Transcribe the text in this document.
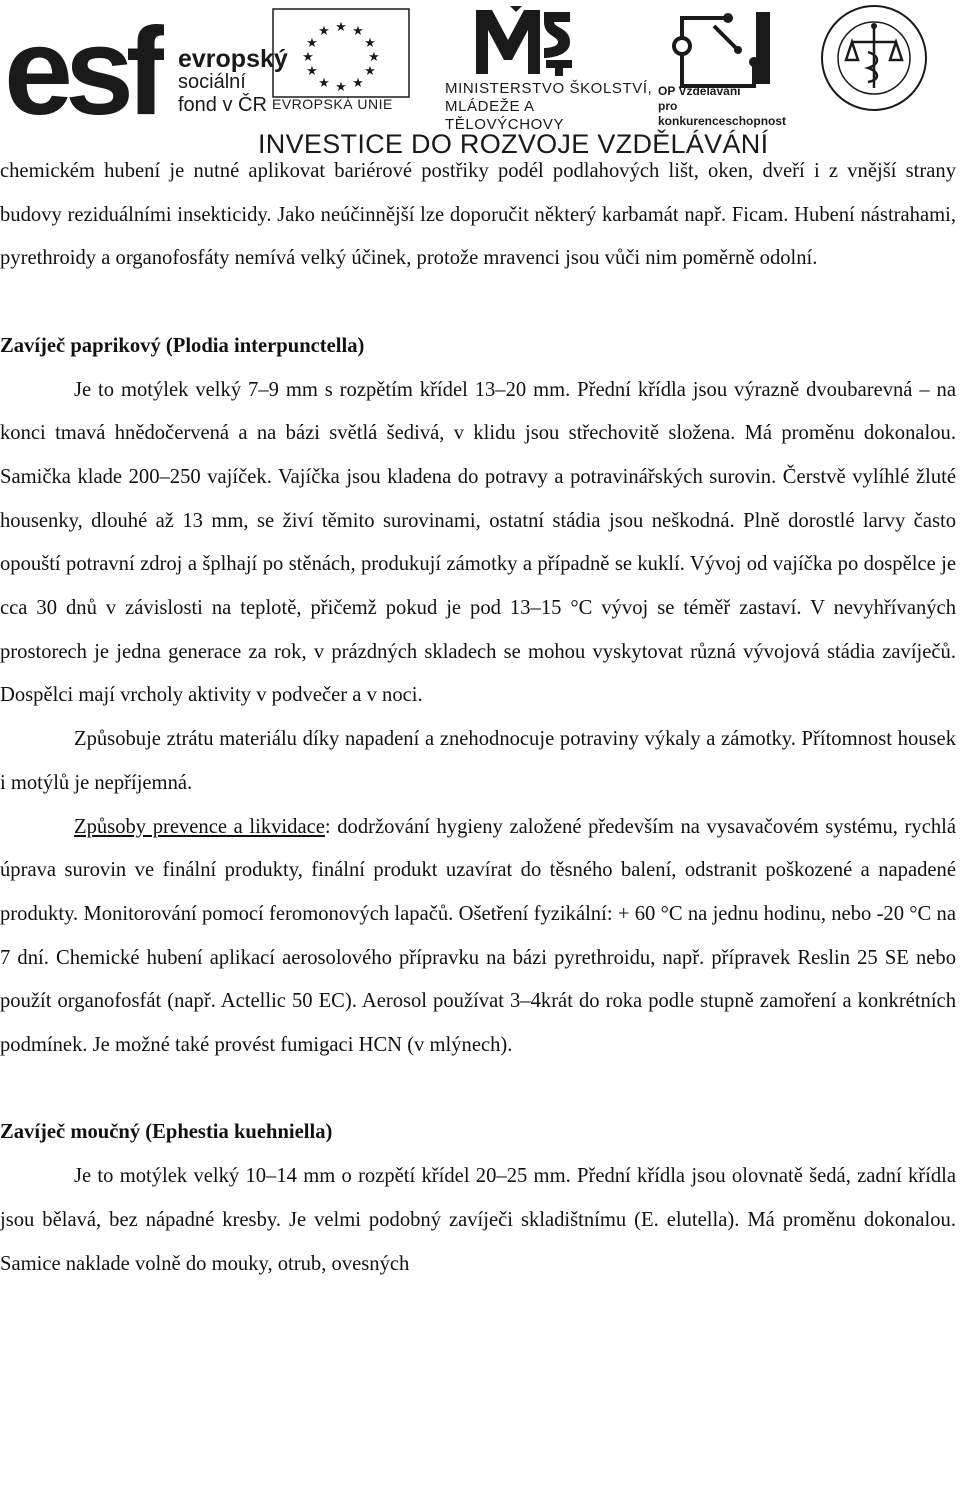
esf evropský
sociální
fond v ČR
★ ★
★
★
★
★
★
★
★
★
★
★
EVROPSKÁ UNIE
MINISTERSTVO ŠKOLSTVÍ,
MLÁDEŽE A TĚLOVÝCHOVY
OP Vzdělávání
pro konkurenceschopnost
INVESTICE DO ROZVOJE VZDĚLÁVÁNÍ

chemickém hubení je nutné aplikovat bariérové postřiky podél podlahových lišt, oken, dveří i z vnější strany budovy reziduálními insekticidy. Jako neúčinnější lze doporučit některý karbamát např. Ficam. Hubení nástrahami, pyrethroidy a organofosfáty nemívá velký účinek, protože mravenci jsou vůči nim poměrně odolní.

Zavíječ paprikový (Plodia interpunctella)

Je to motýlek velký 7–9 mm s rozpětím křídel 13–20 mm. Přední křídla jsou výrazně dvoubarevná – na konci tmavá hnědočervená a na bázi světlá šedivá, v klidu jsou střechovitě složena. Má proměnu dokonalou. Samička klade 200–250 vajíček. Vajíčka jsou kladena do potravy a potravinářských surovin. Čerstvě vylíhlé žluté housenky, dlouhé až 13 mm, se živí těmito surovinami, ostatní stádia jsou neškodná. Plně dorostlé larvy často opouští potravní zdroj a šplhají po stěnách, produkují zámotky a případně se kuklí. Vývoj od vajíčka po dospělce je cca 30 dnů v závislosti na teplotě, přičemž pokud je pod 13–15 °C vývoj se téměř zastaví. V nevyhřívaných prostorech je jedna generace za rok, v prázdných skladech se mohou vyskytovat různá vývojová stádia zavíječů. Dospělci mají vrcholy aktivity v podvečer a v noci.

Způsobuje ztrátu materiálu díky napadení a znehodnocuje potraviny výkaly a zámotky. Přítomnost housek i motýlů je nepříjemná.

Způsoby prevence a likvidace: dodržování hygieny založené především na vysavačovém systému, rychlá úprava surovin ve finální produkty, finální produkt uzavírat do těsného balení, odstranit poškozené a napadené produkty. Monitorování pomocí feromonových lapačů. Ošetření fyzikální: + 60 °C na jednu hodinu, nebo -20 °C na 7 dní. Chemické hubení aplikací aerosolového přípravku na bázi pyrethroidu, např. přípravek Reslin 25 SE nebo použít organofosfát (např. Actellic 50 EC). Aerosol používat 3–4krát do roka podle stupně zamoření a konkrétních podmínek. Je možné také provést fumigaci HCN (v mlýnech).

Zavíječ moučný (Ephestia kuehniella)

Je to motýlek velký 10–14 mm o rozpětí křídel 20–25 mm. Přední křídla jsou olovnatě šedá, zadní křídla jsou bělavá, bez nápadné kresby. Je velmi podobný zavíječi skladištnímu (E. elutella). Má proměnu dokonalou. Samice naklade volně do mouky, otrub, ovesných
